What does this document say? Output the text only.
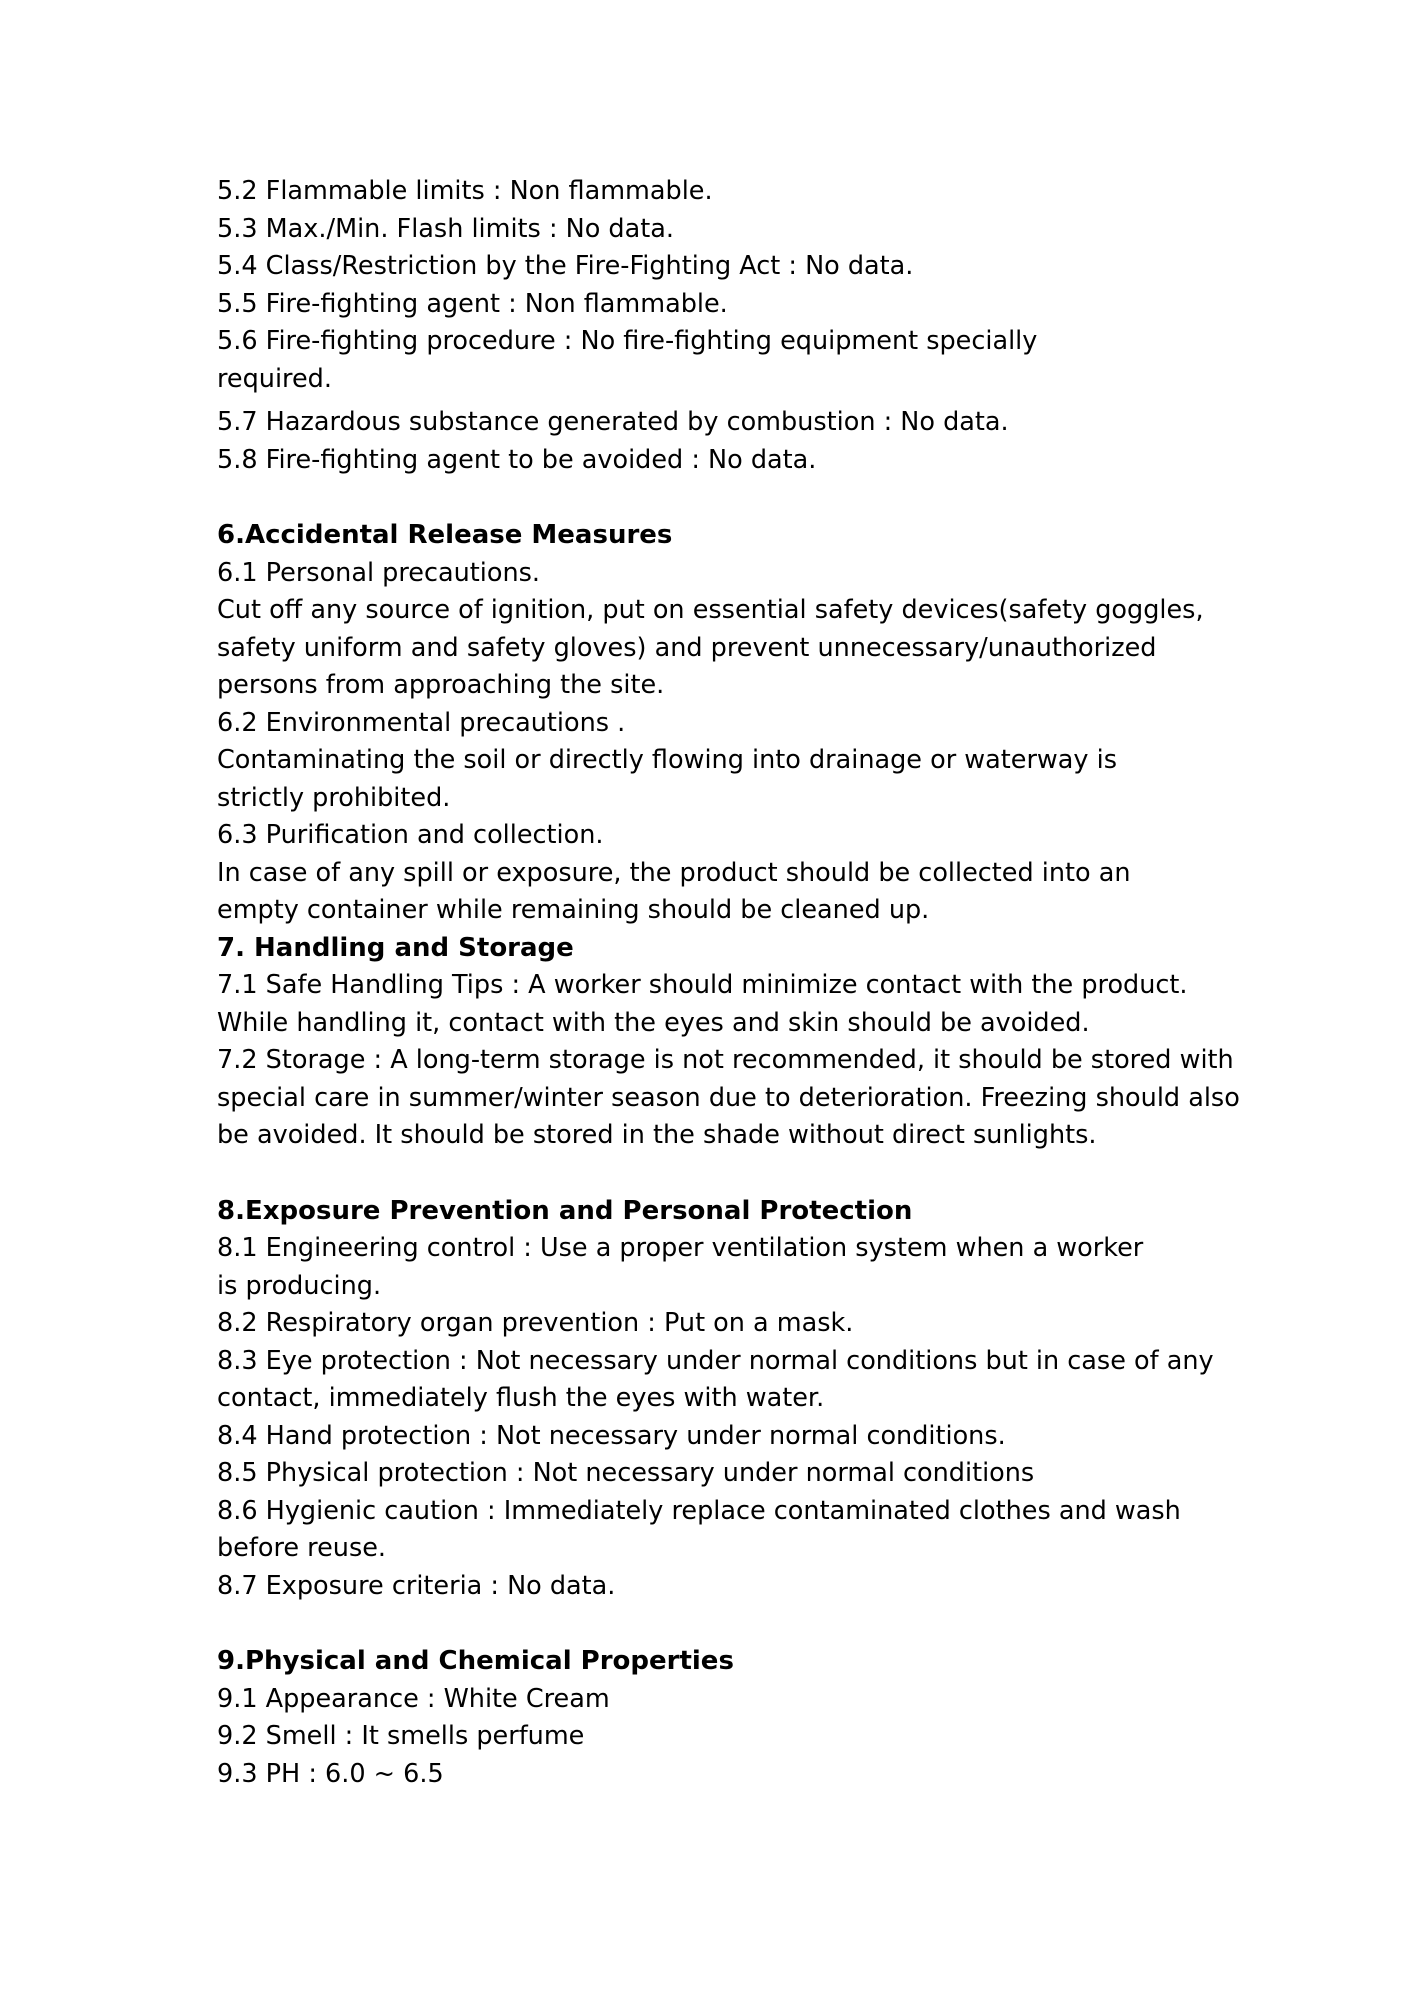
5.2 Flammable limits : Non flammable.

5.3 Max./Min. Flash limits : No data.

5.4 Class/Restriction by the Fire-Fighting Act : No data.

5.5 Fire-fighting agent : Non flammable.

5.6 Fire-fighting procedure : No fire-fighting equipment specially

required.

5.7 Hazardous substance generated by combustion : No data.

5.8 Fire-fighting agent to be avoided : No data.

6.Accidental Release Measures

6.1 Personal precautions.

Cut off any source of ignition, put on essential safety devices(safety goggles,

safety uniform and safety gloves) and prevent unnecessary/unauthorized

persons from approaching the site.

6.2 Environmental precautions .

Contaminating the soil or directly flowing into drainage or waterway is

strictly prohibited.

6.3 Purification and collection.

In case of any spill or exposure, the product should be collected into an

empty container while remaining should be cleaned up.

7. Handling and Storage

7.1 Safe Handling Tips : A worker should minimize contact with the product.

While handling it, contact with the eyes and skin should be avoided.

7.2 Storage : A long-term storage is not recommended, it should be stored with

special care in summer/winter season due to deterioration. Freezing should also

be avoided. It should be stored in the shade without direct sunlights.

8.Exposure Prevention and Personal Protection

8.1 Engineering control : Use a proper ventilation system when a worker

is producing.

8.2 Respiratory organ prevention : Put on a mask.

8.3 Eye protection : Not necessary under normal conditions but in case of any

contact, immediately flush the eyes with water.

8.4 Hand protection : Not necessary under normal conditions.

8.5 Physical protection : Not necessary under normal conditions

8.6 Hygienic caution : Immediately replace contaminated clothes and wash

before reuse.

8.7 Exposure criteria : No data.

9.Physical and Chemical Properties

9.1 Appearance : White Cream

9.2 Smell : It smells perfume

9.3 PH : 6.0 ~ 6.5
